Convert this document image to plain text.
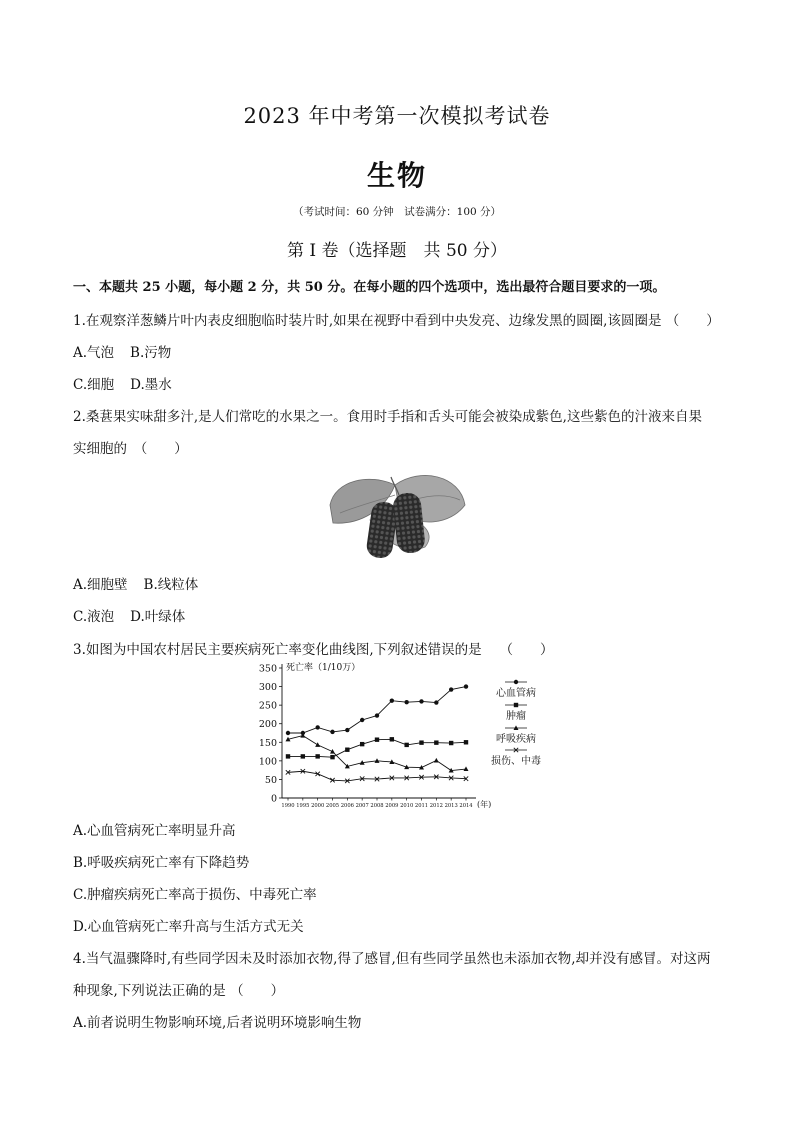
2023 年中考第一次模拟考试卷
生物
（考试时间：60 分钟　试卷满分：100 分）
第 I 卷（选择题　共 50 分）
一、本题共 25 小题，每小题 2 分，共 50 分。在每小题的四个选项中，选出最符合题目要求的一项。
1.在观察洋葱鳞片叶内表皮细胞临时装片时,如果在视野中看到中央发亮、边缘发黑的圆圈,该圆圈是 （　　）
A.气泡 B.污物
C.细胞 D.墨水
2.桑葚果实味甜多汁,是人们常吃的水果之一。食用时手指和舌头可能会被染成紫色,这些紫色的汁液来自果
实细胞的　（　　）
A.细胞壁 B.线粒体
C.液泡 D.叶绿体
3.如图为中国农村居民主要疾病死亡率变化曲线图,下列叙述错误的是　 （　　）
0
50
100
150
200
250
300
350 死亡率（1/10万）
1990 1995 2000 2005 2006 2007 2008 2009 2010 2011 2012 2013 2014 (年)
心血管病
肿瘤
呼吸疾病
损伤、中毒
A.心血管病死亡率明显升高
B.呼吸疾病死亡率有下降趋势
C.肿瘤疾病死亡率高于损伤、中毒死亡率
D.心血管病死亡率升高与生活方式无关
4.当气温骤降时,有些同学因未及时添加衣物,得了感冒,但有些同学虽然也未添加衣物,却并没有感冒。对这两
种现象,下列说法正确的是 （　　）
A.前者说明生物影响环境,后者说明环境影响生物
